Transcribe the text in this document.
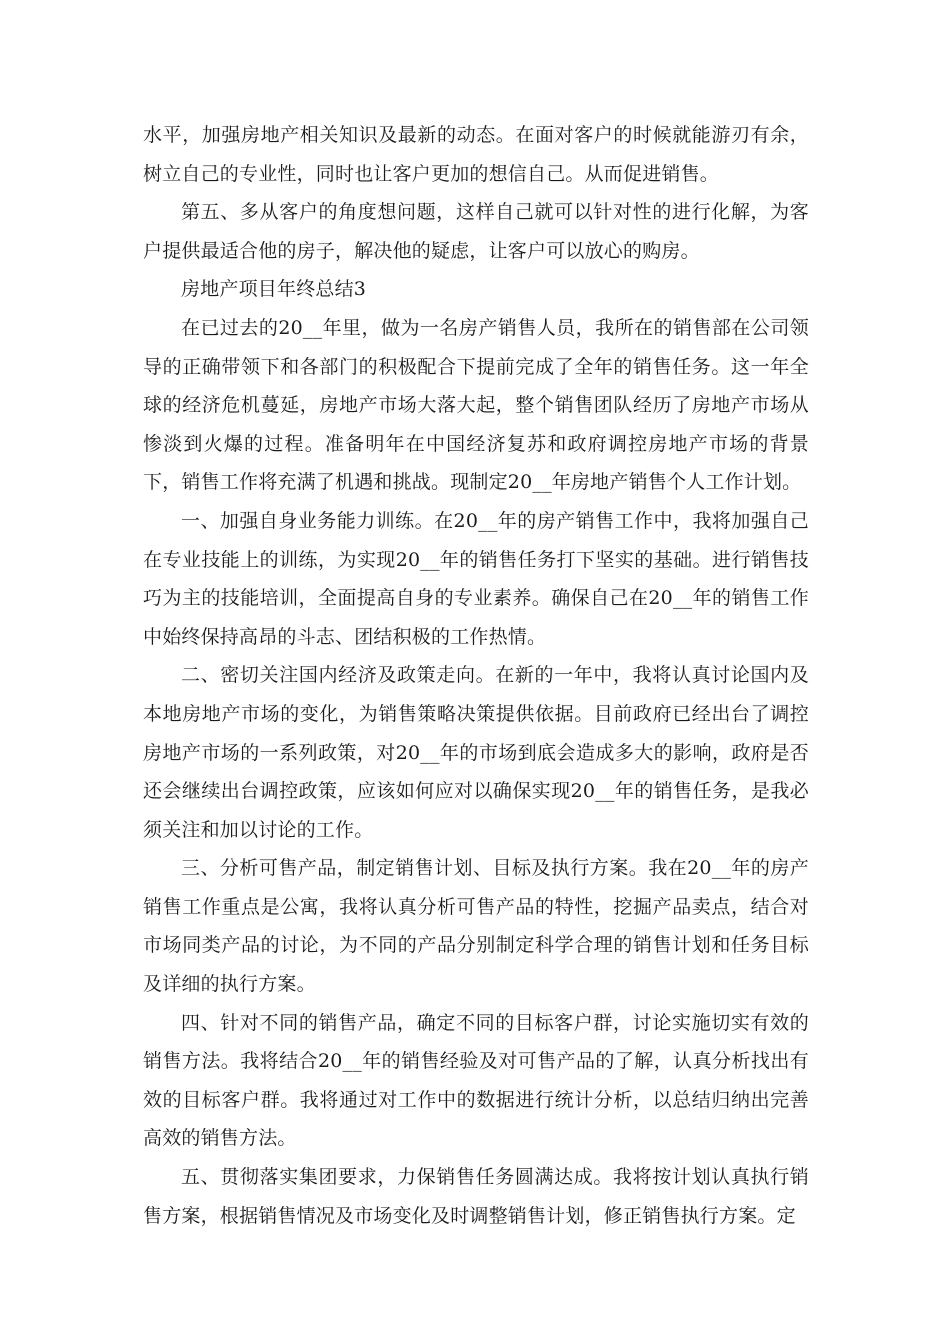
水平，加强房地产相关知识及最新的动态。在面对客户的时候就能游刃有余，树立自己的专业性，同时也让客户更加的想信自己。从而促进销售。

第五、多从客户的角度想问题，这样自己就可以针对性的进行化解，为客户提供最适合他的房子，解决他的疑虑，让客户可以放心的购房。

房地产项目年终总结3

在已过去的20__年里，做为一名房产销售人员，我所在的销售部在公司领导的正确带领下和各部门的积极配合下提前完成了全年的销售任务。这一年全球的经济危机蔓延，房地产市场大落大起，整个销售团队经历了房地产市场从惨淡到火爆的过程。准备明年在中国经济复苏和政府调控房地产市场的背景下，销售工作将充满了机遇和挑战。现制定20__年房地产销售个人工作计划。

一、加强自身业务能力训练。在20__年的房产销售工作中，我将加强自己在专业技能上的训练，为实现20__年的销售任务打下坚实的基础。进行销售技巧为主的技能培训，全面提高自身的专业素养。确保自己在20__年的销售工作中始终保持高昂的斗志、团结积极的工作热情。

二、密切关注国内经济及政策走向。在新的一年中，我将认真讨论国内及本地房地产市场的变化，为销售策略决策提供依据。目前政府已经出台了调控房地产市场的一系列政策，对20__年的市场到底会造成多大的影响，政府是否还会继续出台调控政策，应该如何应对以确保实现20__年的销售任务，是我必须关注和加以讨论的工作。

三、分析可售产品，制定销售计划、目标及执行方案。我在20__年的房产销售工作重点是公寓，我将认真分析可售产品的特性，挖掘产品卖点，结合对市场同类产品的讨论，为不同的产品分别制定科学合理的销售计划和任务目标及详细的执行方案。

四、针对不同的销售产品，确定不同的目标客户群，讨论实施切实有效的销售方法。我将结合20__年的销售经验及对可售产品的了解，认真分析找出有效的目标客户群。我将通过对工作中的数据进行统计分析，以总结归纳出完善高效的销售方法。

五、贯彻落实集团要求，力保销售任务圆满达成。我将按计划认真执行销售方案，根据销售情况及市场变化及时调整销售计划，修正销售执行方案。定
